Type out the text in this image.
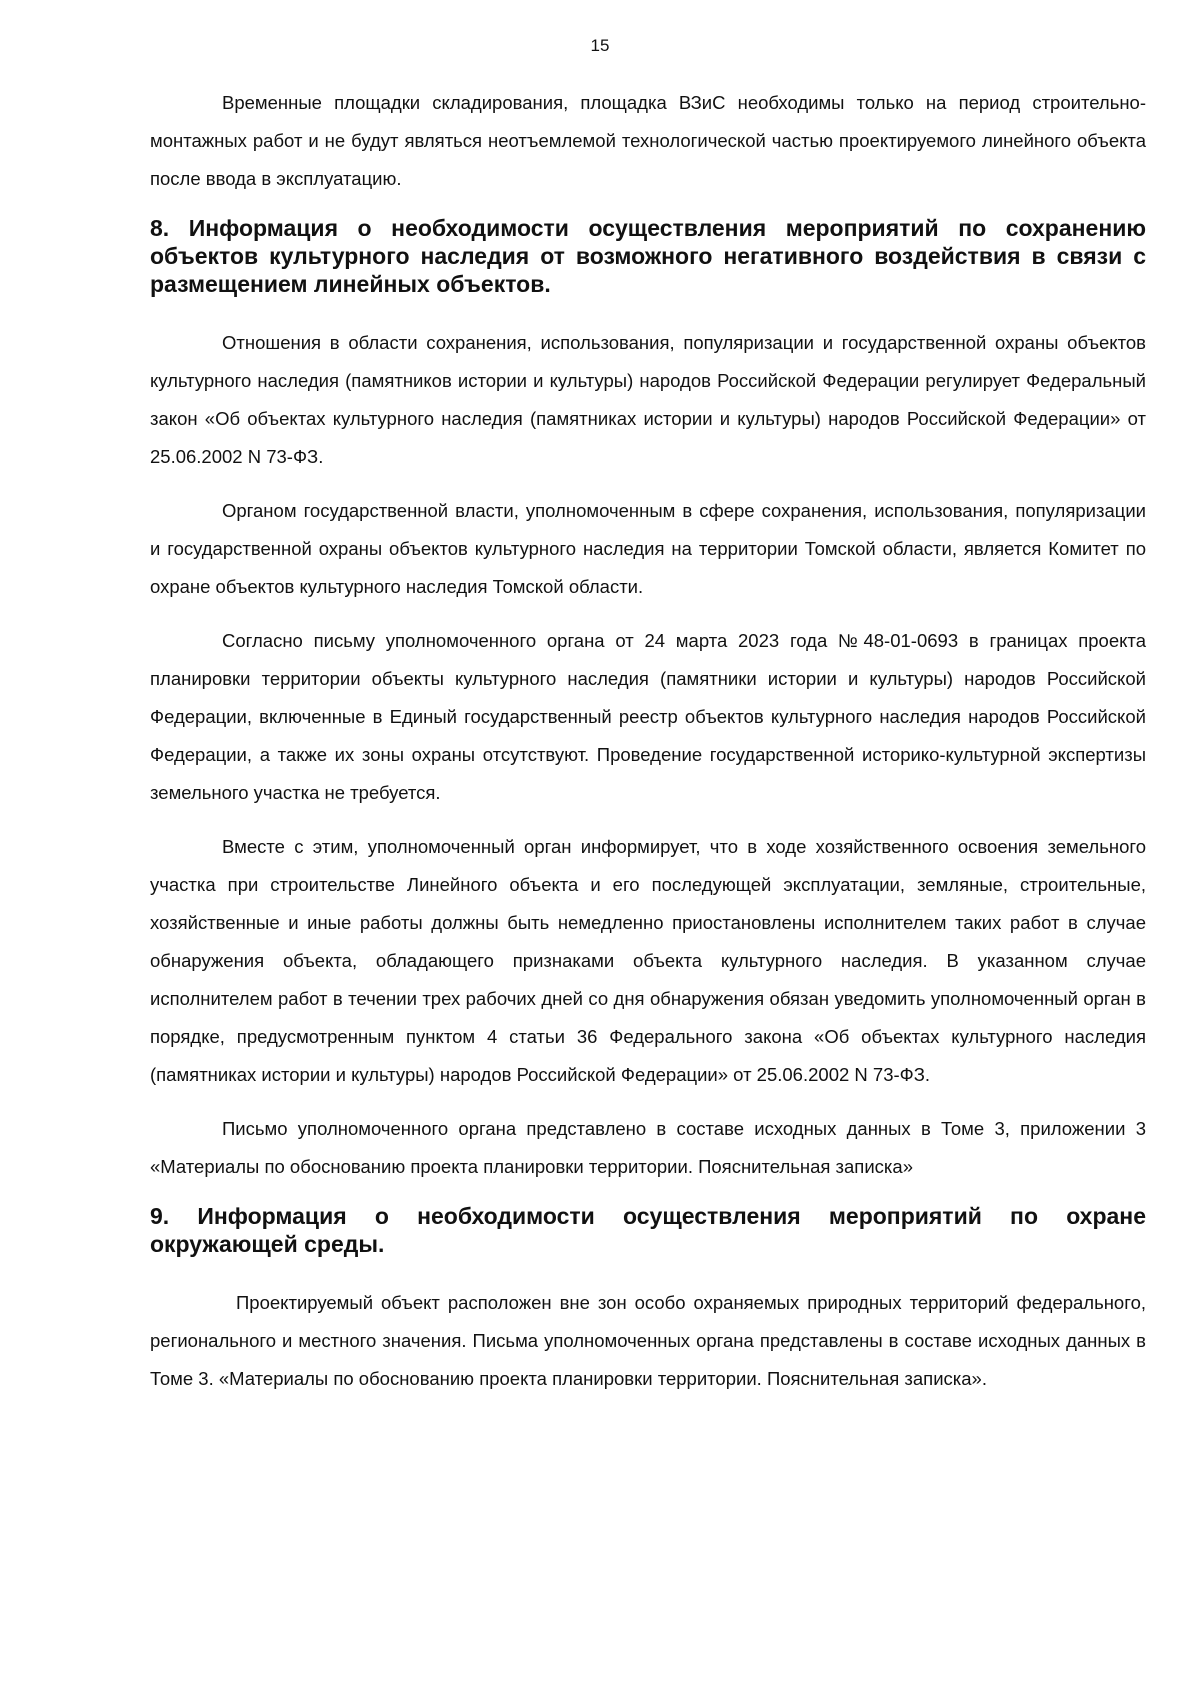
15

Временные площадки складирования, площадка ВЗиС необходимы только на период строительно-монтажных работ и не будут являться неотъемлемой технологической частью проектируемого линейного объекта после ввода в эксплуатацию.

8. Информация о необходимости осуществления мероприятий по сохранению объектов культурного наследия от возможного негативного воздействия в связи с размещением линейных объектов.

Отношения в области сохранения, использования, популяризации и государственной охраны объектов культурного наследия (памятников истории и культуры) народов Российской Федерации регулирует Федеральный закон «Об объектах культурного наследия (памятниках истории и культуры) народов Российской Федерации» от 25.06.2002 N 73-ФЗ.

Органом государственной власти, уполномоченным в сфере сохранения, использования, популяризации и государственной охраны объектов культурного наследия на территории Томской области, является Комитет по охране объектов культурного наследия Томской области.

Согласно письму уполномоченного органа от 24 марта 2023 года №48-01-0693 в границах проекта планировки территории объекты культурного наследия (памятники истории и культуры) народов Российской Федерации, включенные в Единый государственный реестр объектов культурного наследия народов Российской Федерации, а также их зоны охраны отсутствуют. Проведение государственной историко-культурной экспертизы земельного участка не требуется.

Вместе с этим, уполномоченный орган информирует, что в ходе хозяйственного освоения земельного участка при строительстве Линейного объекта и его последующей эксплуатации, земляные, строительные, хозяйственные и иные работы должны быть немедленно приостановлены исполнителем таких работ в случае обнаружения объекта, обладающего признаками объекта культурного наследия. В указанном случае исполнителем работ в течении трех рабочих дней со дня обнаружения обязан уведомить уполномоченный орган в порядке, предусмотренным пунктом 4 статьи 36 Федерального закона «Об объектах культурного наследия (памятниках истории и культуры) народов Российской Федерации» от 25.06.2002 N 73-ФЗ.

Письмо уполномоченного органа представлено в составе исходных данных в Томе 3, приложении 3 «Материалы по обоснованию проекта планировки территории. Пояснительная записка»

9. Информация о необходимости осуществления мероприятий по охране окружающей среды.

Проектируемый объект расположен вне зон особо охраняемых природных территорий федерального, регионального и местного значения. Письма уполномоченных органа представлены в составе исходных данных в Томе 3. «Материалы по обоснованию проекта планировки территории. Пояснительная записка».
